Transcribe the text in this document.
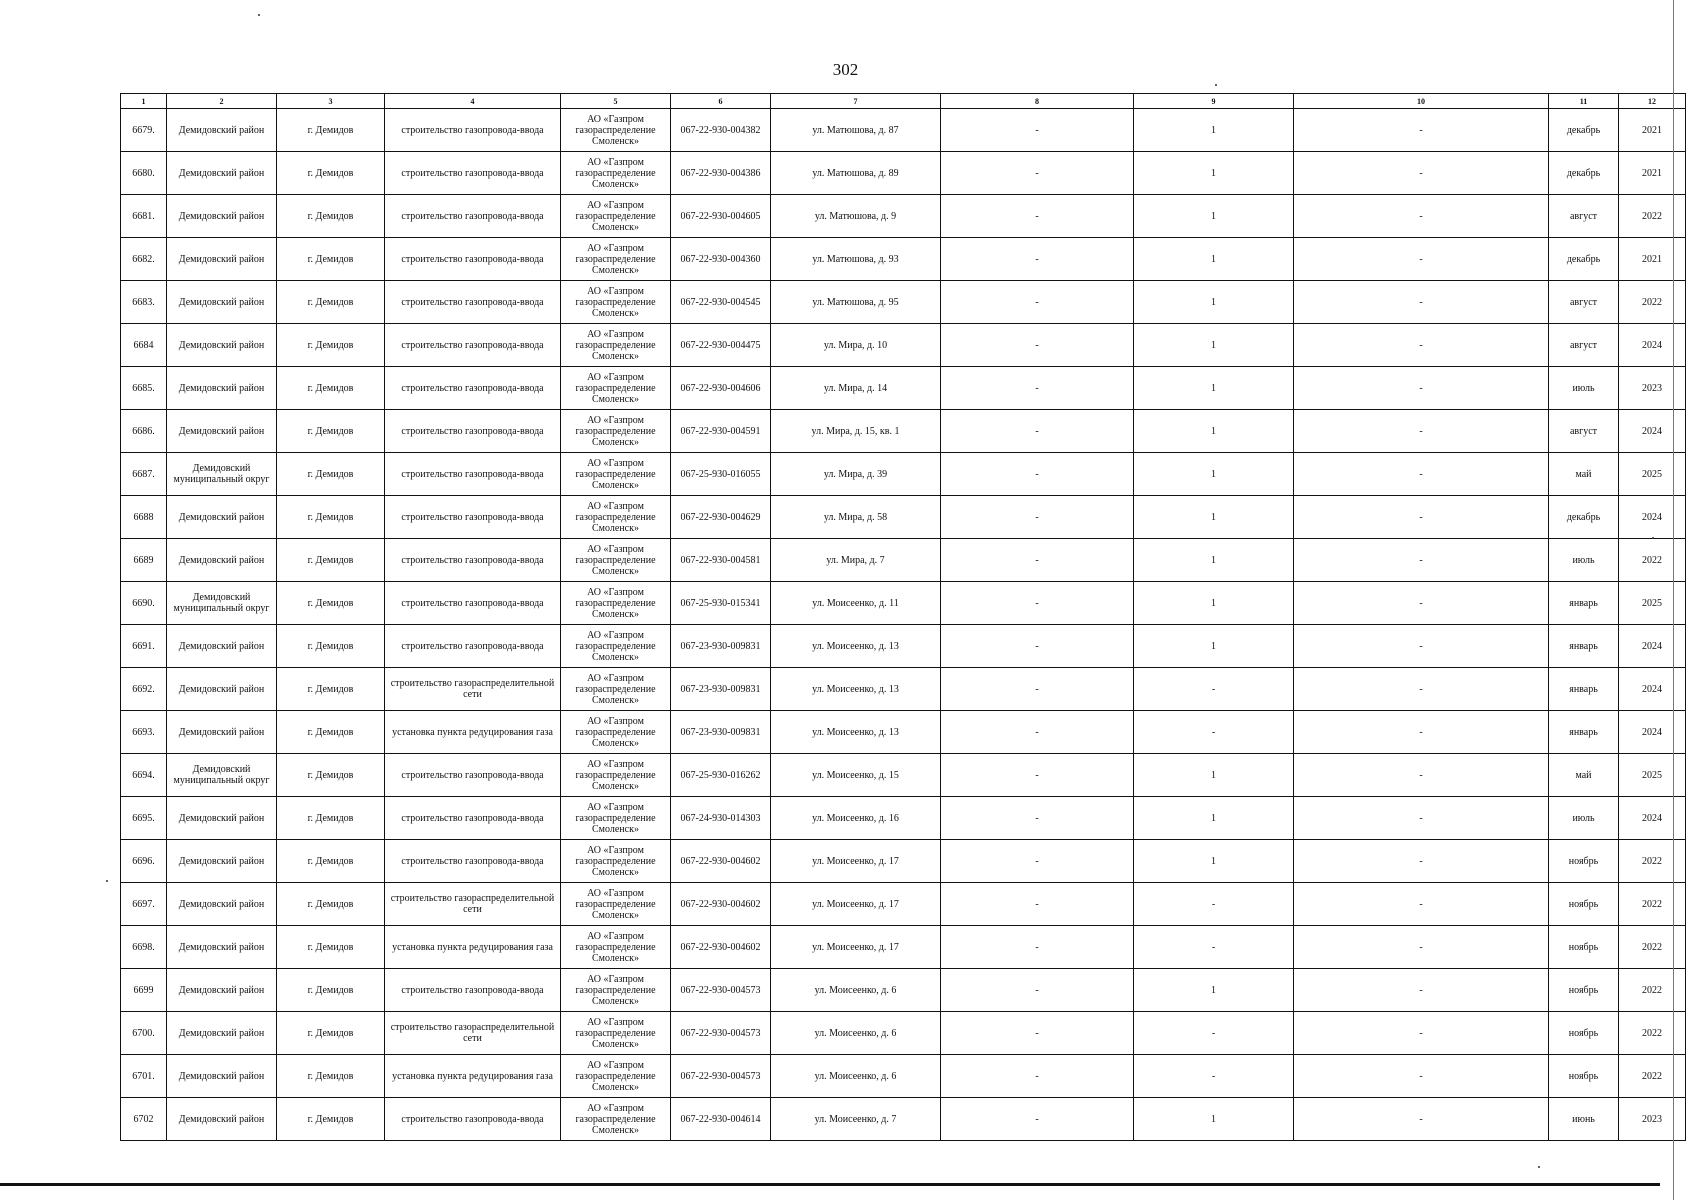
302
1	2	3	4	5	6	7	8	9	10	11	12
6679.	Демидовский район	г. Демидов	строительство газопровода-ввода	АО «Газпром газораспределение Смоленск»	067-22-930-004382	ул. Матюшова, д. 87	-	1	-	декабрь	2021
6680.	Демидовский район	г. Демидов	строительство газопровода-ввода	АО «Газпром газораспределение Смоленск»	067-22-930-004386	ул. Матюшова, д. 89	-	1	-	декабрь	2021
6681.	Демидовский район	г. Демидов	строительство газопровода-ввода	АО «Газпром газораспределение Смоленск»	067-22-930-004605	ул. Матюшова, д. 9	-	1	-	август	2022
6682.	Демидовский район	г. Демидов	строительство газопровода-ввода	АО «Газпром газораспределение Смоленск»	067-22-930-004360	ул. Матюшова, д. 93	-	1	-	декабрь	2021
6683.	Демидовский район	г. Демидов	строительство газопровода-ввода	АО «Газпром газораспределение Смоленск»	067-22-930-004545	ул. Матюшова, д. 95	-	1	-	август	2022
6684	Демидовский район	г. Демидов	строительство газопровода-ввода	АО «Газпром газораспределение Смоленск»	067-22-930-004475	ул. Мира, д. 10	-	1	-	август	2024
6685.	Демидовский район	г. Демидов	строительство газопровода-ввода	АО «Газпром газораспределение Смоленск»	067-22-930-004606	ул. Мира, д. 14	-	1	-	июль	2023
6686.	Демидовский район	г. Демидов	строительство газопровода-ввода	АО «Газпром газораспределение Смоленск»	067-22-930-004591	ул. Мира, д. 15, кв. 1	-	1	-	август	2024
6687.	Демидовский муниципальный округ	г. Демидов	строительство газопровода-ввода	АО «Газпром газораспределение Смоленск»	067-25-930-016055	ул. Мира, д. 39	-	1	-	май	2025
6688	Демидовский район	г. Демидов	строительство газопровода-ввода	АО «Газпром газораспределение Смоленск»	067-22-930-004629	ул. Мира, д. 58	-	1	-	декабрь	2024
6689	Демидовский район	г. Демидов	строительство газопровода-ввода	АО «Газпром газораспределение Смоленск»	067-22-930-004581	ул. Мира, д. 7	-	1	-	июль	2022
6690.	Демидовский муниципальный округ	г. Демидов	строительство газопровода-ввода	АО «Газпром газораспределение Смоленск»	067-25-930-015341	ул. Моисеенко, д. 11	-	1	-	январь	2025
6691.	Демидовский район	г. Демидов	строительство газопровода-ввода	АО «Газпром газораспределение Смоленск»	067-23-930-009831	ул. Моисеенко, д. 13	-	1	-	январь	2024
6692.	Демидовский район	г. Демидов	строительство газораспределительной сети	АО «Газпром газораспределение Смоленск»	067-23-930-009831	ул. Моисеенко, д. 13	-	-	-	январь	2024
6693.	Демидовский район	г. Демидов	установка пункта редуцирования газа	АО «Газпром газораспределение Смоленск»	067-23-930-009831	ул. Моисеенко, д. 13	-	-	-	январь	2024
6694.	Демидовский муниципальный округ	г. Демидов	строительство газопровода-ввода	АО «Газпром газораспределение Смоленск»	067-25-930-016262	ул. Моисеенко, д. 15	-	1	-	май	2025
6695.	Демидовский район	г. Демидов	строительство газопровода-ввода	АО «Газпром газораспределение Смоленск»	067-24-930-014303	ул. Моисеенко, д. 16	-	1	-	июль	2024
6696.	Демидовский район	г. Демидов	строительство газопровода-ввода	АО «Газпром газораспределение Смоленск»	067-22-930-004602	ул. Моисеенко, д. 17	-	1	-	ноябрь	2022
6697.	Демидовский район	г. Демидов	строительство газораспределительной сети	АО «Газпром газораспределение Смоленск»	067-22-930-004602	ул. Моисеенко, д. 17	-	-	-	ноябрь	2022
6698.	Демидовский район	г. Демидов	установка пункта редуцирования газа	АО «Газпром газораспределение Смоленск»	067-22-930-004602	ул. Моисеенко, д. 17	-	-	-	ноябрь	2022
6699	Демидовский район	г. Демидов	строительство газопровода-ввода	АО «Газпром газораспределение Смоленск»	067-22-930-004573	ул. Моисеенко, д. 6	-	1	-	ноябрь	2022
6700.	Демидовский район	г. Демидов	строительство газораспределительной сети	АО «Газпром газораспределение Смоленск»	067-22-930-004573	ул. Моисеенко, д. 6	-	-	-	ноябрь	2022
6701.	Демидовский район	г. Демидов	установка пункта редуцирования газа	АО «Газпром газораспределение Смоленск»	067-22-930-004573	ул. Моисеенко, д. 6	-	-	-	ноябрь	2022
6702	Демидовский район	г. Демидов	строительство газопровода-ввода	АО «Газпром газораспределение Смоленск»	067-22-930-004614	ул. Моисеенко, д. 7	-	1	-	июнь	2023
